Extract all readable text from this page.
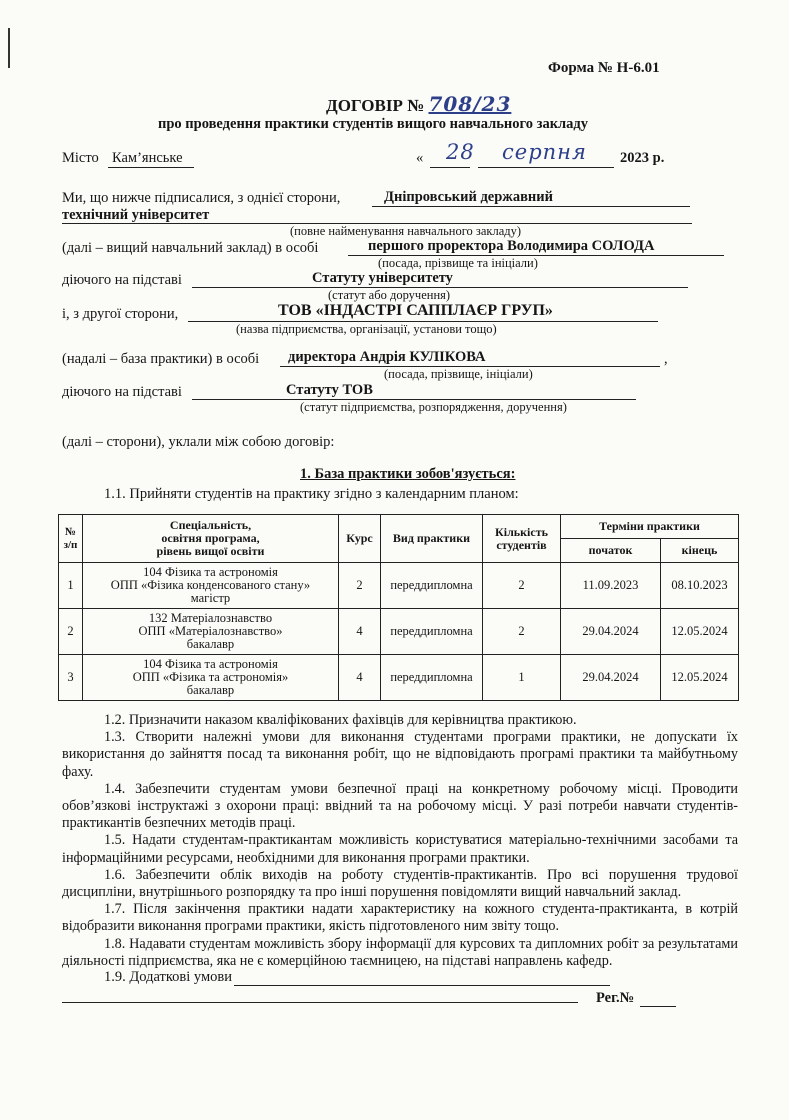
Форма № Н-6.01
ДОГОВІР № 708/23
про проведення практики студентів вищого навчального закладу
Місто Кам’янське	« 28 серпня 2023 р.
Ми, що нижче підписалися, з однієї сторони,	Дніпровський державний
технічний університет
(повне найменування навчального закладу)
(далі – вищий навчальний заклад) в особі	першого проректора Володимира СОЛОДА
(посада, прізвище та ініціали)
діючого на підставі	Статуту університету
(статут або доручення)
і, з другої сторони,	ТОВ «ІНДАСТРІ САППЛАЄР ГРУП»
(назва підприємства, організації, установи тощо)
(надалі – база практики) в особі директора Андрія КУЛІКОВА	,
(посада, прізвище, ініціали)
діючого на підставі	Статуту ТОВ
(статут підприємства, розпорядження, доручення)
(далі – сторони), уклали між собою договір:
1. База практики зобов'язується:
1.1. Прийняти студентів на практику згідно з календарним планом:
№ з/п	Спеціальність,
освітня програма,
рівень вищої освіти	Курс	Вид практики	Кількість студентів	Терміни практики	
					початок	кінець
1	104 Фізика та астрономія
ОПП «Фізика конденсованого стану»
магістр	2	переддипломна	2	11.09.2023	08.10.2023
2	132 Матеріалознавство
ОПП «Матеріалознавство»
бакалавр	4	переддипломна	2	29.04.2024	12.05.2024
3	104 Фізика та астрономія
ОПП «Фізика та астрономія»
бакалавр	4	переддипломна	1	29.04.2024	12.05.2024

1.2. Призначити наказом кваліфікованих фахівців для керівництва практикою.

1.3. Створити належні умови для виконання студентами програми практики, не допускати їх використання до зайняття посад та виконання робіт, що не відповідають програмі практики та майбутньому фаху.

1.4. Забезпечити студентам умови безпечної праці на конкретному робочому місці. Проводити обов’язкові інструктажі з охорони праці: ввідний та на робочому місці. У разі потреби навчати студентів-практикантів безпечних методів праці.

1.5. Надати студентам-практикантам можливість користуватися матеріально-технічними засобами та інформаційними ресурсами, необхідними для виконання програми практики.

1.6. Забезпечити облік виходів на роботу студентів-практикантів. Про всі порушення трудової дисципліни, внутрішнього розпорядку та про інші порушення повідомляти вищий навчальний заклад.

1.7. Після закінчення практики надати характеристику на кожного студента-практиканта, в котрій відобразити виконання програми практики, якість підготовленого ним звіту тощо.

1.8. Надавати студентам можливість збору інформації для курсових та дипломних робіт за результатами діяльності підприємства, яка не є комерційною таємницею, на підставі направлень кафедр.

1.9. Додаткові умови
Рег.№
